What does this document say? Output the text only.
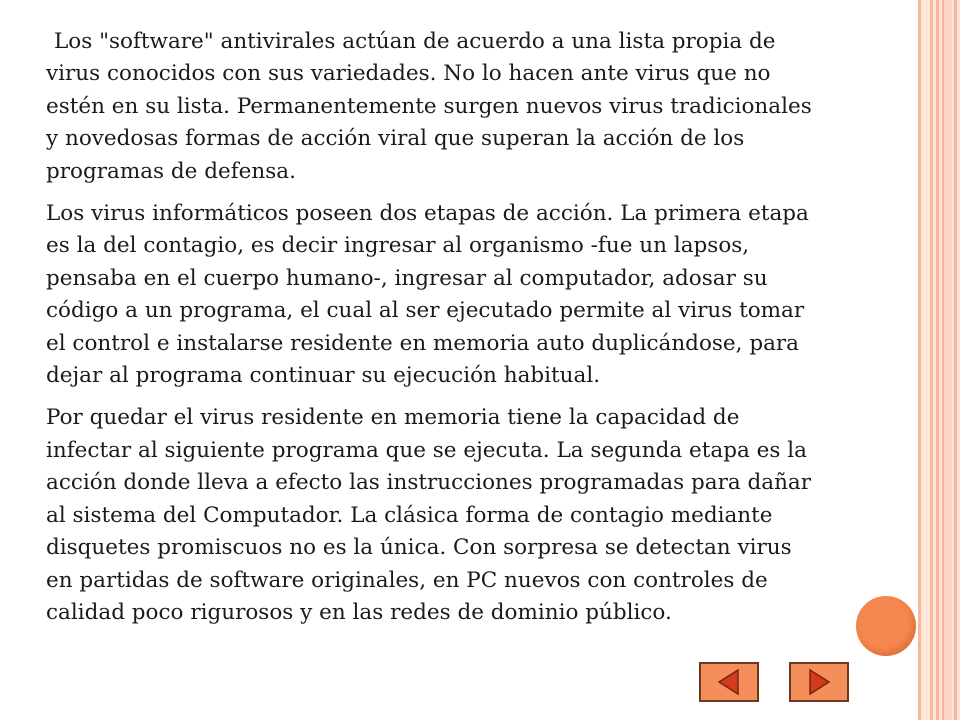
Los "software" antivirales actúan de acuerdo a una lista propia de virus conocidos con sus variedades. No lo hacen ante virus que no estén en su lista. Permanentemente surgen nuevos virus tradicionales y novedosas formas de acción viral que superan la acción de los programas de defensa.

Los virus informáticos poseen dos etapas de acción. La primera etapa es la del contagio, es decir ingresar al organismo -fue un lapsos, pensaba en el cuerpo humano-, ingresar al computador, adosar su código a un programa, el cual al ser ejecutado permite al virus tomar el control e instalarse residente en memoria auto duplicándose, para dejar al programa continuar su ejecución habitual.

Por quedar el virus residente en memoria tiene la capacidad de infectar al siguiente programa que se ejecuta. La segunda etapa es la acción donde lleva a efecto las instrucciones programadas para dañar al sistema del Computador. La clásica forma de contagio mediante disquetes promiscuos no es la única. Con sorpresa se detectan virus en partidas de software originales, en PC nuevos con controles de calidad poco rigurosos y en las redes de dominio público.
